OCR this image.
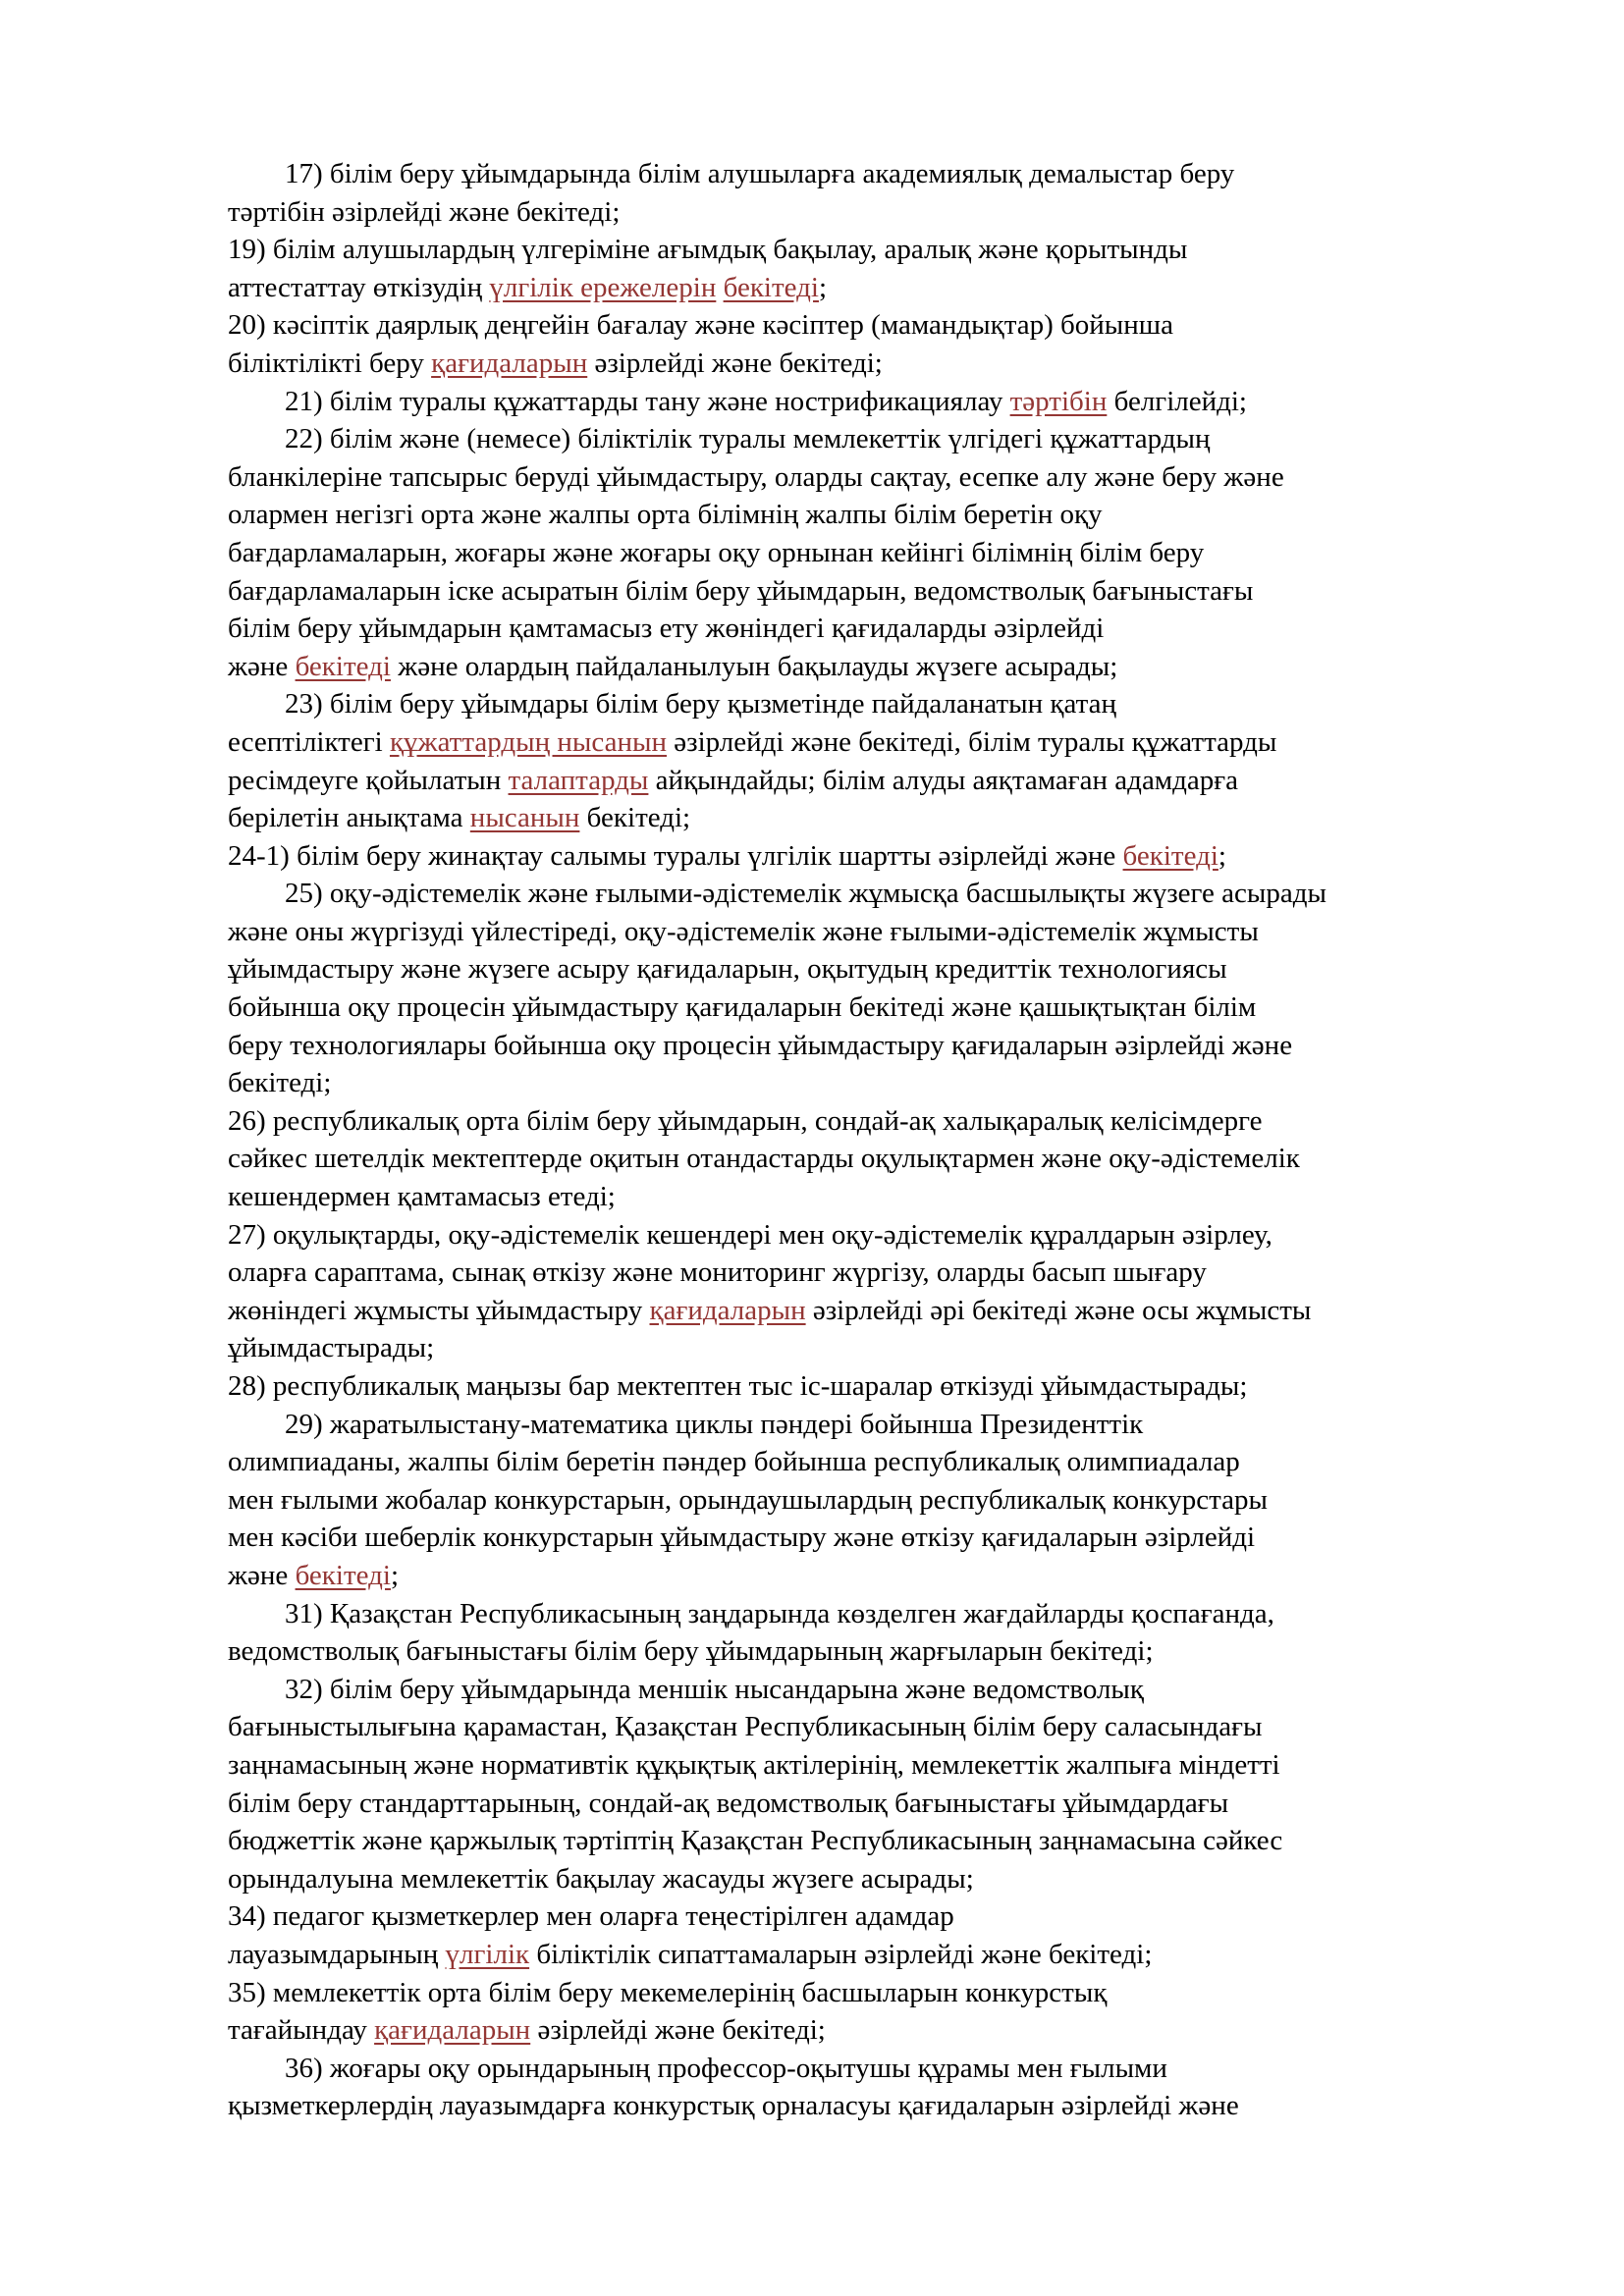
17) білім беру ұйымдарында білім алушыларға академиялық демалыстар беру
тәртібін әзірлейді және бекітеді;
19) білім алушылардың үлгеріміне ағымдық бақылау, аралық және қорытынды
аттестаттау өткізудің үлгілік ережелерін бекітеді;
20) кәсіптік даярлық деңгейін бағалау және кәсіптер (мамандықтар) бойынша
біліктілікті беру қағидаларын әзірлейді және бекітеді;
21) білім туралы құжаттарды тану және нострификациялау тәртібін белгілейді;
22) білім және (немесе) біліктілік туралы мемлекеттік үлгідегі құжаттардың
бланкілеріне тапсырыс беруді ұйымдастыру, оларды сақтау, есепке алу және беру және
олармен негізгі орта және жалпы орта білімнің жалпы білім беретін оқу
бағдарламаларын, жоғары және жоғары оқу орнынан кейінгі білімнің білім беру
бағдарламаларын іске асыратын білім беру ұйымдарын, ведомстволық бағыныстағы
білім беру ұйымдарын қамтамасыз ету жөніндегі қағидаларды әзірлейді
және бекітеді және олардың пайдаланылуын бақылауды жүзеге асырады;
23) білім беру ұйымдары білім беру қызметінде пайдаланатын қатаң
есептіліктегі құжаттардың нысанын әзірлейді және бекітеді, білім туралы құжаттарды
ресімдеуге қойылатын талаптарды айқындайды; білім алуды аяқтамаған адамдарға
берілетін анықтама нысанын бекітеді;
24-1) білім беру жинақтау салымы туралы үлгілік шартты әзірлейді және бекітеді;
25) оқу-әдістемелік және ғылыми-әдістемелік жұмысқа басшылықты жүзеге асырады
және оны жүргізуді үйлестіреді, оқу-әдістемелік және ғылыми-әдістемелік жұмысты
ұйымдастыру және жүзеге асыру қағидаларын, оқытудың кредиттік технологиясы
бойынша оқу процесін ұйымдастыру қағидаларын бекітеді және қашықтықтан білім
беру технологиялары бойынша оқу процесін ұйымдастыру қағидаларын әзірлейді және
бекітеді;
26) республикалық орта білім беру ұйымдарын, сондай-ақ халықаралық келісімдерге
сәйкес шетелдік мектептерде оқитын отандастарды оқулықтармен және оқу-әдістемелік
кешендермен қамтамасыз етеді;
27) оқулықтарды, оқу-әдістемелік кешендері мен оқу-әдістемелік құралдарын әзірлеу,
оларға сараптама, сынақ өткізу және мониторинг жүргізу, оларды басып шығару
жөніндегі жұмысты ұйымдастыру қағидаларын әзірлейді әрі бекітеді және осы жұмысты
ұйымдастырады;
28) республикалық маңызы бар мектептен тыс іс-шаралар өткізуді ұйымдастырады;
29) жаратылыстану-математика циклы пәндері бойынша Президенттік
олимпиаданы, жалпы білім беретін пәндер бойынша республикалық олимпиадалар
мен ғылыми жобалар конкурстарын, орындаушылардың республикалық конкурстары
мен кәсіби шеберлік конкурстарын ұйымдастыру және өткізу қағидаларын әзірлейді
және бекітеді;
31) Қазақстан Республикасының заңдарында көзделген жағдайларды қоспағанда,
ведомстволық бағыныстағы білім беру ұйымдарының жарғыларын бекітеді;
32) білім беру ұйымдарында меншік нысандарына және ведомстволық
бағыныстылығына қарамастан, Қазақстан Республикасының білім беру саласындағы
заңнамасының және нормативтік құқықтық актілерінің, мемлекеттік жалпыға міндетті
білім беру стандарттарының, сондай-ақ ведомстволық бағыныстағы ұйымдардағы
бюджеттік және қаржылық тәртіптің Қазақстан Республикасының заңнамасына сәйкес
орындалуына мемлекеттік бақылау жасауды жүзеге асырады;
34) педагог қызметкерлер мен оларға теңестірілген адамдар
лауазымдарының үлгілік біліктілік сипаттамаларын әзірлейді және бекітеді;
35) мемлекеттік орта білім беру мекемелерінің басшыларын конкурстық
тағайындау қағидаларын әзірлейді және бекітеді;
36) жоғары оқу орындарының профессор-оқытушы құрамы мен ғылыми
қызметкерлердің лауазымдарға конкурстық орналасуы қағидаларын әзірлейді және
